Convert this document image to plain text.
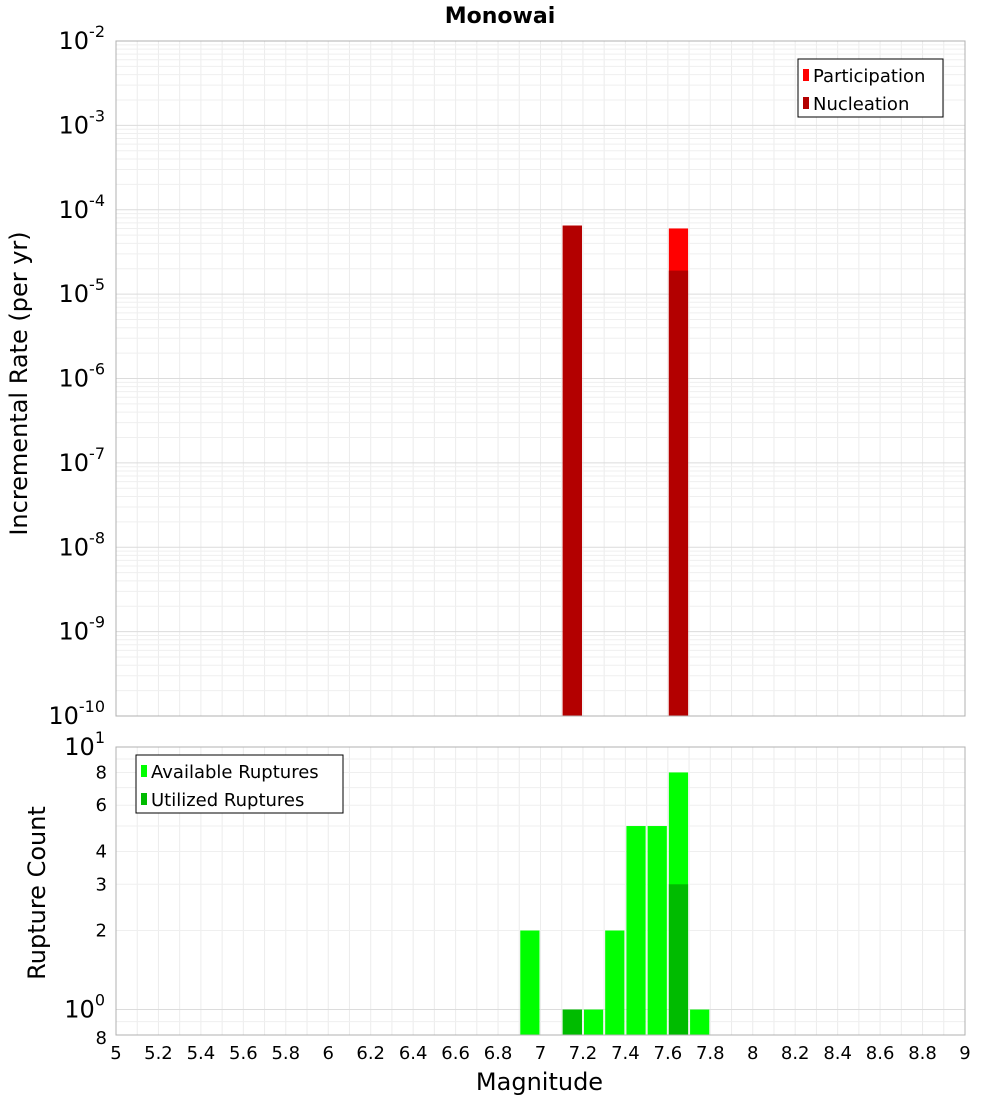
Monowai
10-10
10-9
10-8
10-7
10-6
10-5
10-4
10-3
10-2
Incremental Rate (per yr)
Participation
Nucleation
100
101
8
2
3
4
6
8
5 5.2 5.4 5.6 5.8 6 6.2 6.4 6.6 6.8 7 7.2 7.4 7.6 7.8 8 8.2 8.4 8.6 8.8 9
Rupture Count
Magnitude
Available Ruptures
Utilized Ruptures
